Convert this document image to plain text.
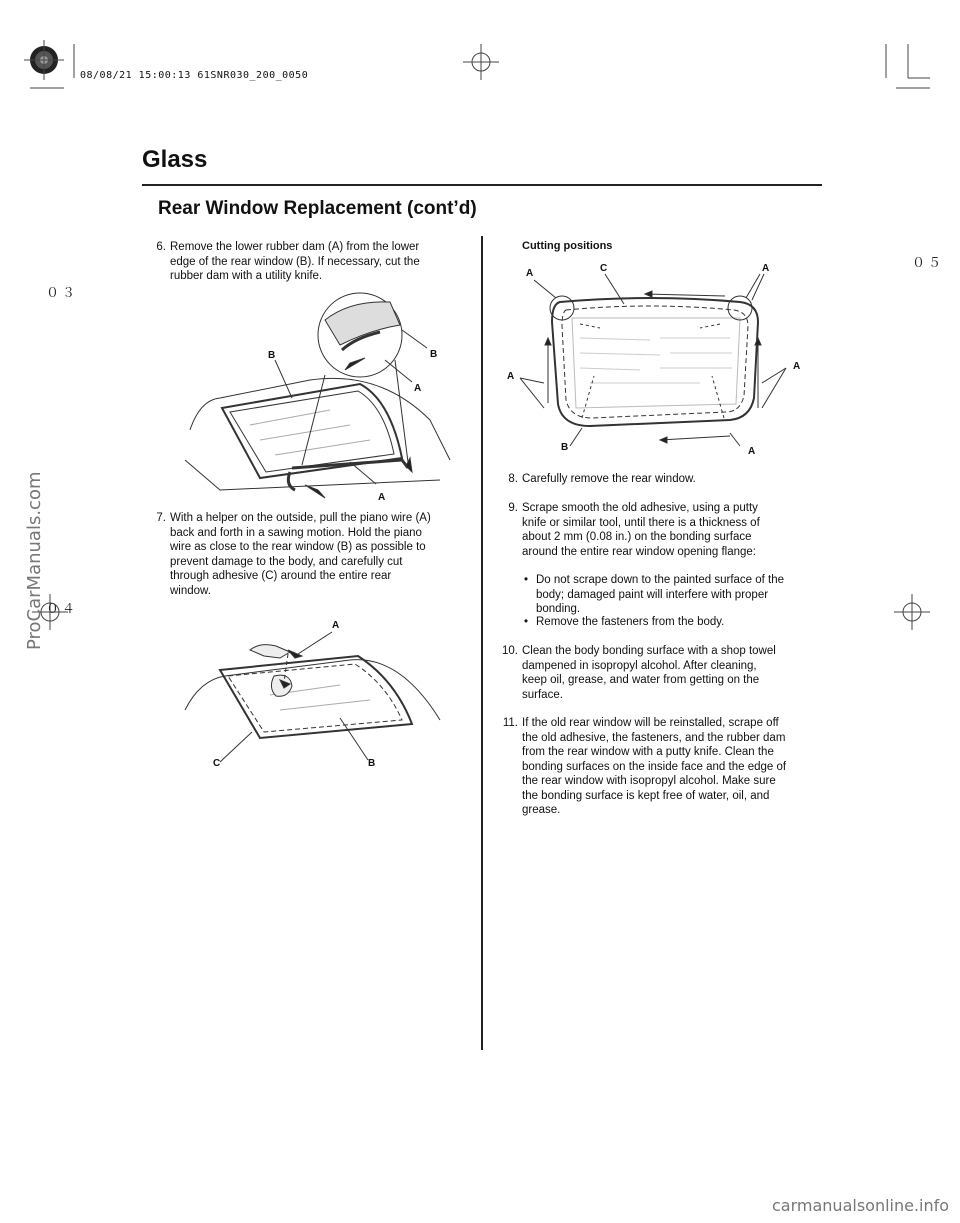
08/08/21 15:00:13 61SNR030_200_0050
０３
０４
０５
Glass
Rear Window Replacement (cont’d)
6. Remove the lower rubber dam (A) from the lower
edge of the rear window (B). If necessary, cut the
rubber dam with a utility knife.
B	B
A
A
7. With a helper on the outside, pull the piano wire (A)
back and forth in a sawing motion. Hold the piano
wire as close to the rear window (B) as possible to
prevent damage to the body, and carefully cut
through adhesive (C) around the entire rear
window.
A
C	B
Cutting positions
A	C	A
A
A
B	A
8. Carefully remove the rear window.
9. Scrape smooth the old adhesive, using a putty
knife or similar tool, until there is a thickness of
about 2 mm (0.08 in.) on the bonding surface
around the entire rear window opening flange:
• Do not scrape down to the painted surface of the
body; damaged paint will interfere with proper
bonding.
• Remove the fasteners from the body.
10. Clean the body bonding surface with a shop towel
dampened in isopropyl alcohol. After cleaning,
keep oil, grease, and water from getting on the
surface.
11. If the old rear window will be reinstalled, scrape off
the old adhesive, the fasteners, and the rubber dam
from the rear window with a putty knife. Clean the
bonding surfaces on the inside face and the edge of
the rear window with isopropyl alcohol. Make sure
the bonding surface is kept free of water, oil, and
grease.
ProCarManuals.com
carmanualsonline.info
